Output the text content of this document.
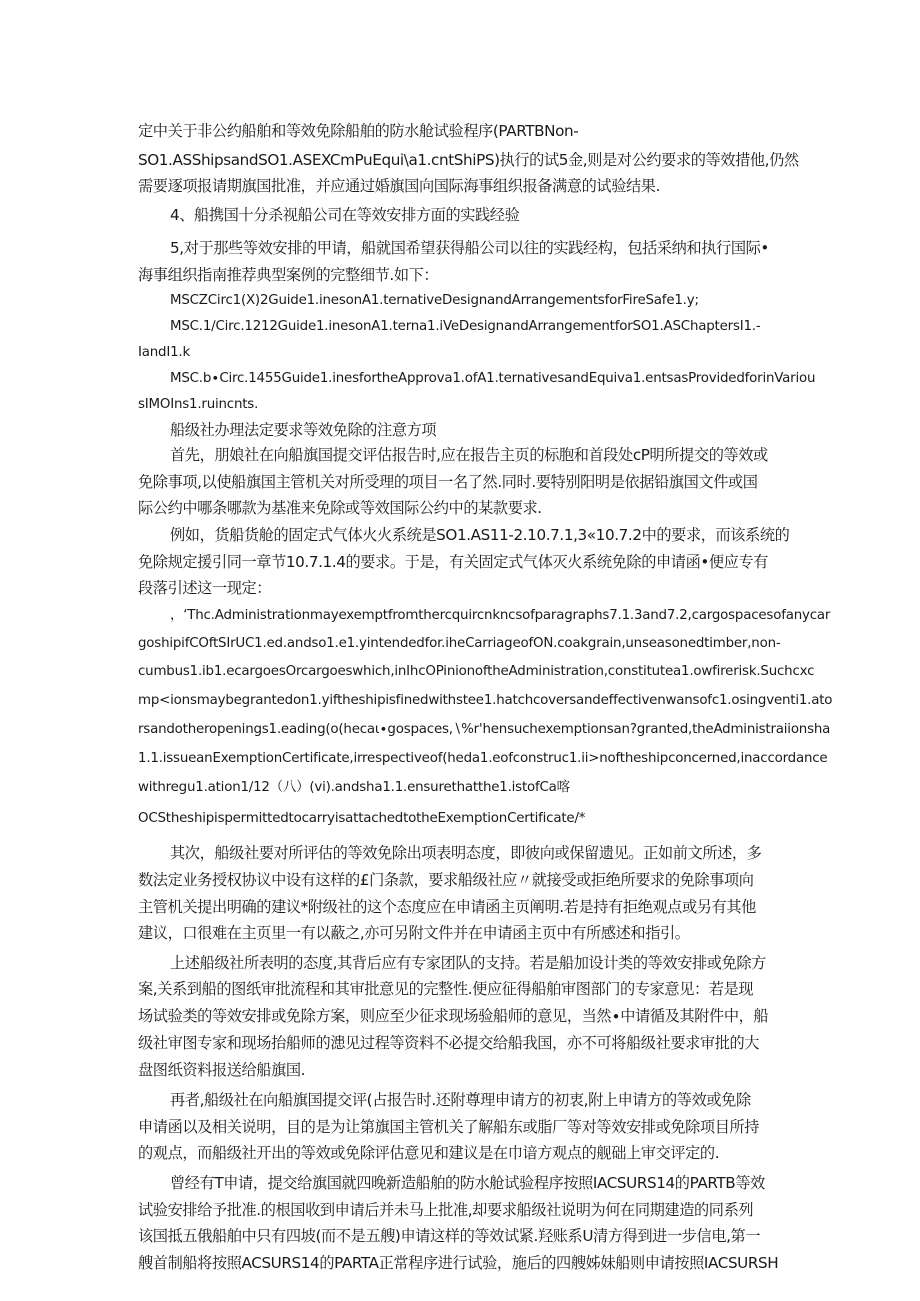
定中关于非公约船舶和等效免除船舶的防水舱试验程序(PARTBNon-

SO1.ASShipsandSO1.ASEXCmPuEqui\a1.cntShiPS)执行的试5金,则是对公约要求的等效措他,仍然

需要逐项报请期旗国批准，并应通过婚旗国向国际海事组织报备满意的试验结果.

4、船携国十分杀视船公司在等效安排方面的实践经验

5,对于那些等效安排的甲请，船就国希望获得船公司以往的实践经构，包括采纳和执行国际•

海事组织指南推荐典型案例的完整细节.如下：

MSCZCirc1(X)2Guide1.inesonA1.ternativeDesignandArrangementsforFireSafe1.y;

MSC.1∕Circ.1212Guide1.inesonA1.terna1.iVeDesignandArrangementforSO1.ASChaptersI1.-

IandI1.k

MSC.b∙Circ.1455Guide1.inesfortheApprova1.ofA1.ternativesandEquiva1.entsasProvidedforinVariou

sIMOIns1.ruincnts.

船级社办理法定要求等效免除的注意方项

首先，朋娘社在向船旗国提交评估报告时,应在报告主页的标胞和首段处cP明所提交的等效或

免除事项,以使船旗国主管机关对所受理的项目一名了然.同时.要特别阳明是依据铅旗国文件或国

际公约中哪条哪款为基准来免除或等效国际公约中的某款要求.

例如，货船货舱的固定式气体火火系统是SO1.AS11-2.10.7.1,3«10.7.2中的要求，而该系统的

免除规定援引同一章节10.7.1.4的要求。于是，有关固定式气体灭火系统免除的申请函•便应专有

段落引述这一现定：

，‘Thc.Administrationmayexemptfromthercquircnkncsofparagraphs7.1.3and7.2,cargospacesofanycar

goshipifCOftSIrUC1.ed.andso1.e1.yintendedfor.iheCarriageofON.coakgrain,unseasonedtimber,non-

cumbus1.ib1.ecargoesOrcargoeswhich,inIhcOPinionoftheAdministration,constitutea1.owfirerisk.Suchcxc

mp<ionsmaybegrantedon1.yiftheshipisfinedwithstee1.hatchcoversandeffectivenwansofc1.osingventi1.ato

rsandotheropenings1.eading(o(hecaι∙gospaces,∖%r'hensuchexemptionsan?granted,theAdministraiionsha

1.1.issueanExemptionCertificate,irrespectiveof(heda1.eofconstruc1.ii>noftheshipconcerned,inaccordance

withregu1.ation1∕12（八）(vi).andsha1.1.ensurethatthe1.istofCa喀

OCStheshipispermittedtocarryisattachedtotheExemptionCertificate/*

其次，船级社要对所评估的等效免除出项表明态度，即彼向或保留遗见。正如前文所述，多

数法定业务授权协议中设有这样的£门条款，要求船级社应〃就接受或拒绝所要求的免除事项向

主管机关提出明确的建议*附级社的这个态度应在申请函主页阐明.若是持有拒绝观点或另有其他

建议，口很难在主页里一有以蔽之,亦可另附文件并在申请函主页中有所感述和指引。

上述船级社所表明的态度,其背后应有专家团队的支持。若是船加设计类的等效安排或免除方

案,关系到船的图纸审批流程和其审批意见的完整性.便应征得船舶审图部门的专家意见：若是现

场试验类的等效安排或免除方案，则应至少征求现场验船师的意见，当然∙中请循及其附件中，船

级社审图专家和现场抬船师的漶见过程等资料不必提交给船我国，亦不可将船级社要求审批的大

盘图纸资料报送给船旗国.

再者,船级社在向船旗国提交评(占报告时.还附尊理申请方的初衷,附上申请方的等效或免除

申请函以及相关说明，目的是为让第旗国主管机关了解船东或脂厂等对等效安排或免除项目所持

的观点，而船级社开出的等效或免除评估意见和建议是在巾谙方观点的舰础上审交评定的.

曾经有T申请，提交给旗国就四晚新造船舶的防水舱试验程序按照IACSURS14的PARTB等效

试验安排给予批准.的根国收到申请后并未马上批准,却要求船级社说明为何在同期建造的同系列

该国抵五俄船舶中只有四坡(而不是五艘)申请这样的等效试紧.羟账系U清方得到进一步信电,第一

艘首制船将按照ACSURS14的PARTA正常程序进行试验，施后的四艘姊妹船则申请按照IACSURSH
